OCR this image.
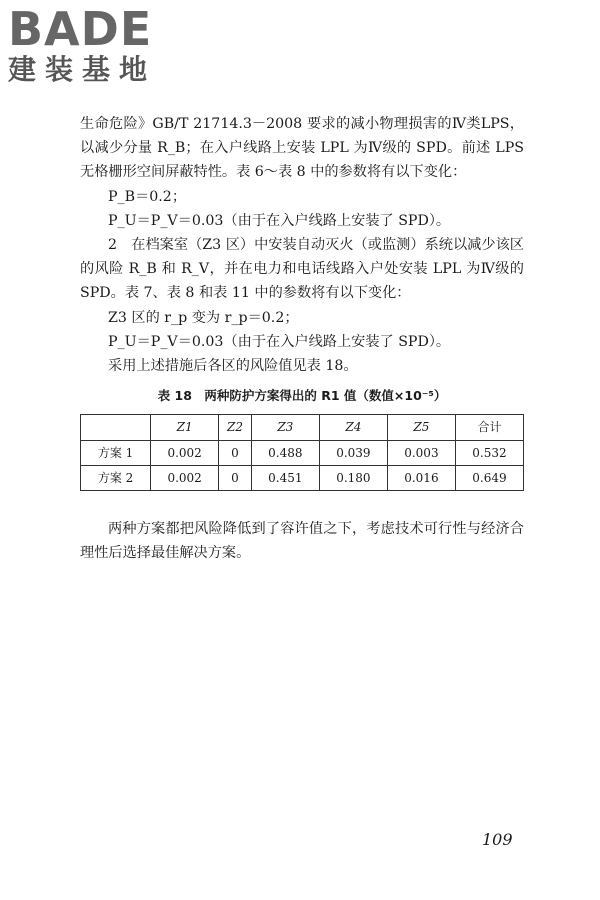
BADE
建装基地

生命危险》GB/T 21714.3－2008 要求的减小物理损害的Ⅳ类LPS，以减少分量 R_B；在入户线路上安装 LPL 为Ⅳ级的 SPD。前述 LPS 无格栅形空间屏蔽特性。表 6～表 8 中的参数将有以下变化：

P_B＝0.2；

P_U＝P_V＝0.03（由于在入户线路上安装了 SPD）。

2　在档案室（Z3 区）中安装自动灭火（或监测）系统以减少该区的风险 R_B 和 R_V，并在电力和电话线路入户处安装 LPL 为Ⅳ级的 SPD。表 7、表 8 和表 11 中的参数将有以下变化：

Z3 区的 r_p 变为 r_p＝0.2；

P_U＝P_V＝0.03（由于在入户线路上安装了 SPD）。

采用上述措施后各区的风险值见表 18。

表 18　两种防护方案得出的 R1 值（数值×10⁻⁵）
	Z1	Z2	Z3	Z4	Z5	合计
方案 1	0.002	0	0.488	0.039	0.003	0.532
方案 2	0.002	0	0.451	0.180	0.016	0.649

两种方案都把风险降低到了容许值之下，考虑技术可行性与经济合理性后选择最佳解决方案。

109
